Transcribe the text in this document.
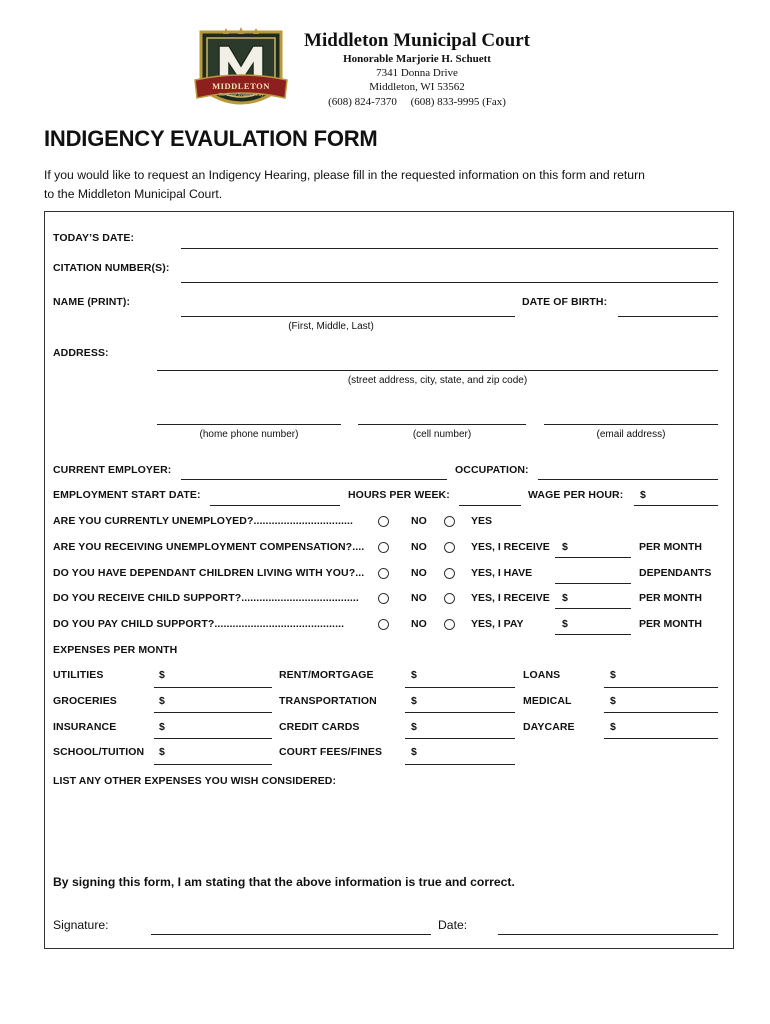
MIDDLETON
The Good Neighbor City
Middleton Municipal Court
Honorable Marjorie H. Schuett
7341 Donna Drive
Middleton, WI 53562
(608) 824-7370     (608) 833-9995 (Fax)
INDIGENCY EVAULATION FORM
If you would like to request an Indigency Hearing, please fill in the requested information on this form and return
to the Middleton Municipal Court.
TODAY’S DATE:
CITATION NUMBER(S):
NAME (PRINT):	DATE OF BIRTH:
(First, Middle, Last)
ADDRESS:
(street address, city, state, and zip code)
(home phone number)	(cell number)	(email address)
CURRENT EMPLOYER:	OCCUPATION:
EMPLOYMENT START DATE:	HOURS PER WEEK:	WAGE PER HOUR: $
ARE YOU CURRENTLY UNEMPLOYED?.................................	NO	YES
ARE YOU RECEIVING UNEMPLOYMENT COMPENSATION?....	NO	YES, I RECEIVE $	PER MONTH
DO YOU HAVE DEPENDANT CHILDREN LIVING WITH YOU?...	NO	YES, I HAVE	DEPENDANTS
DO YOU RECEIVE CHILD SUPPORT?.......................................	NO	YES, I RECEIVE $	PER MONTH
DO YOU PAY CHILD SUPPORT?...........................................	NO	YES, I PAY	$	PER MONTH
EXPENSES PER MONTH
UTILITIES	$	RENT/MORTGAGE	$	LOANS	$
GROCERIES	$	TRANSPORTATION	$	MEDICAL	$
INSURANCE	$	CREDIT CARDS	$	DAYCARE	$
SCHOOL/TUITION $	COURT FEES/FINES	$
LIST ANY OTHER EXPENSES YOU WISH CONSIDERED:
By signing this form, I am stating that the above information is true and correct.
Signature:	Date:
